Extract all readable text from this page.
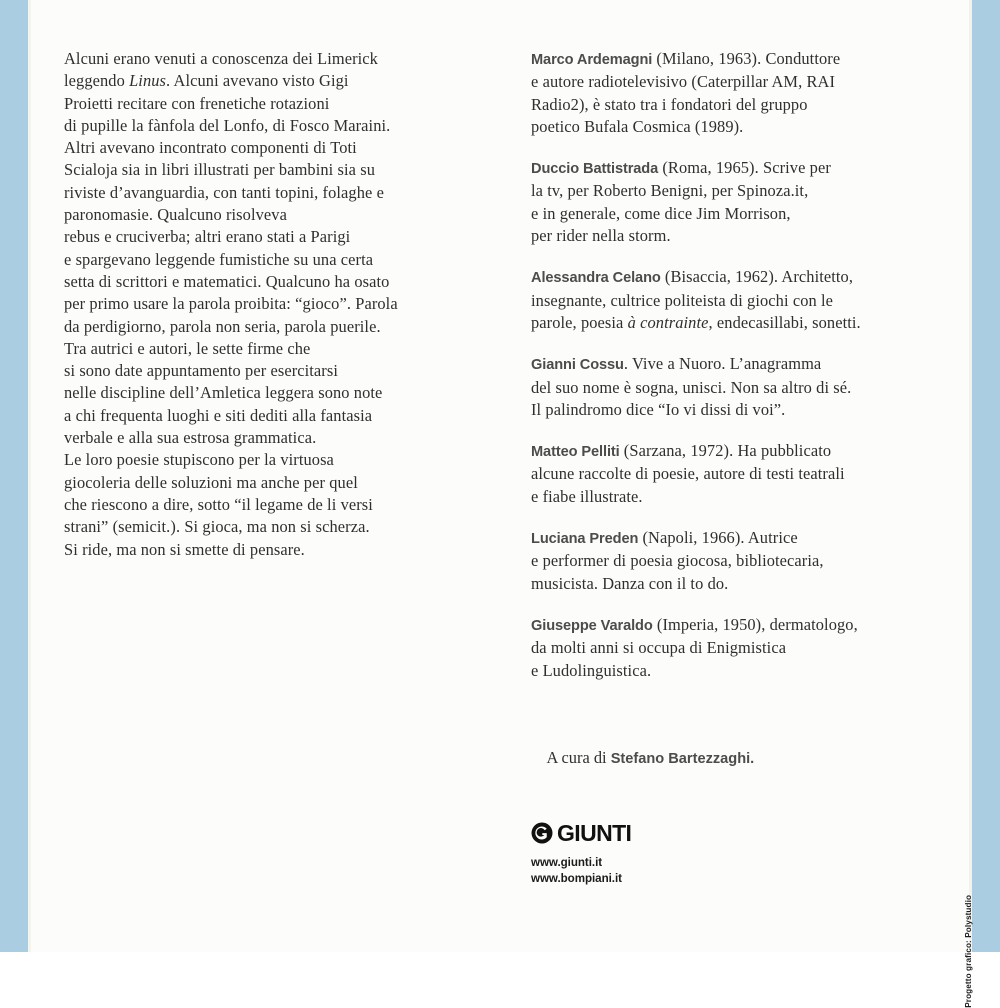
Alcuni erano venuti a conoscenza dei Limerick
leggendo Linus. Alcuni avevano visto Gigi
Proietti recitare con frenetiche rotazioni
di pupille la fànfola del Lonfo, di Fosco Maraini.
Altri avevano incontrato componenti di Toti
Scialoja sia in libri illustrati per bambini sia su
riviste d’avanguardia, con tanti topini, folaghe e
paronomasie. Qualcuno risolveva
rebus e cruciverba; altri erano stati a Parigi
e spargevano leggende fumistiche su una certa
setta di scrittori e matematici. Qualcuno ha osato
per primo usare la parola proibita: “gioco”. Parola
da perdigiorno, parola non seria, parola puerile.
Tra autrici e autori, le sette firme che
si sono date appuntamento per esercitarsi
nelle discipline dell’Amletica leggera sono note
a chi frequenta luoghi e siti dediti alla fantasia
verbale e alla sua estrosa grammatica.
Le loro poesie stupiscono per la virtuosa
giocoleria delle soluzioni ma anche per quel
che riescono a dire, sotto “il legame de li versi
strani” (semicit.). Si gioca, ma non si scherza.
Si ride, ma non si smette di pensare.
Marco Ardemagni (Milano, 1963). Conduttore
e autore radiotelevisivo (Caterpillar AM, RAI
Radio2), è stato tra i fondatori del gruppo
poetico Bufala Cosmica (1989).
Duccio Battistrada (Roma, 1965). Scrive per
la tv, per Roberto Benigni, per Spinoza.it,
e in generale, come dice Jim Morrison,
per rider nella storm.
Alessandra Celano (Bisaccia, 1962). Architetto,
insegnante, cultrice politeista di giochi con le
parole, poesia à contrainte, endecasillabi, sonetti.
Gianni Cossu. Vive a Nuoro. L’anagramma
del suo nome è sogna, unisci. Non sa altro di sé.
Il palindromo dice “Io vi dissi di voi”.
Matteo Pelliti (Sarzana, 1972). Ha pubblicato
alcune raccolte di poesie, autore di testi teatrali
e fiabe illustrate.
Luciana Preden (Napoli, 1966). Autrice
e performer di poesia giocosa, bibliotecaria,
musicista. Danza con il to do.
Giuseppe Varaldo (Imperia, 1950), dermatologo,
da molti anni si occupa di Enigmistica
e Ludolinguistica.

A cura di Stefano Bartezzaghi.

GIUNTI
www.giunti.it
www.bompiani.it
Progetto grafico: Polystudio
